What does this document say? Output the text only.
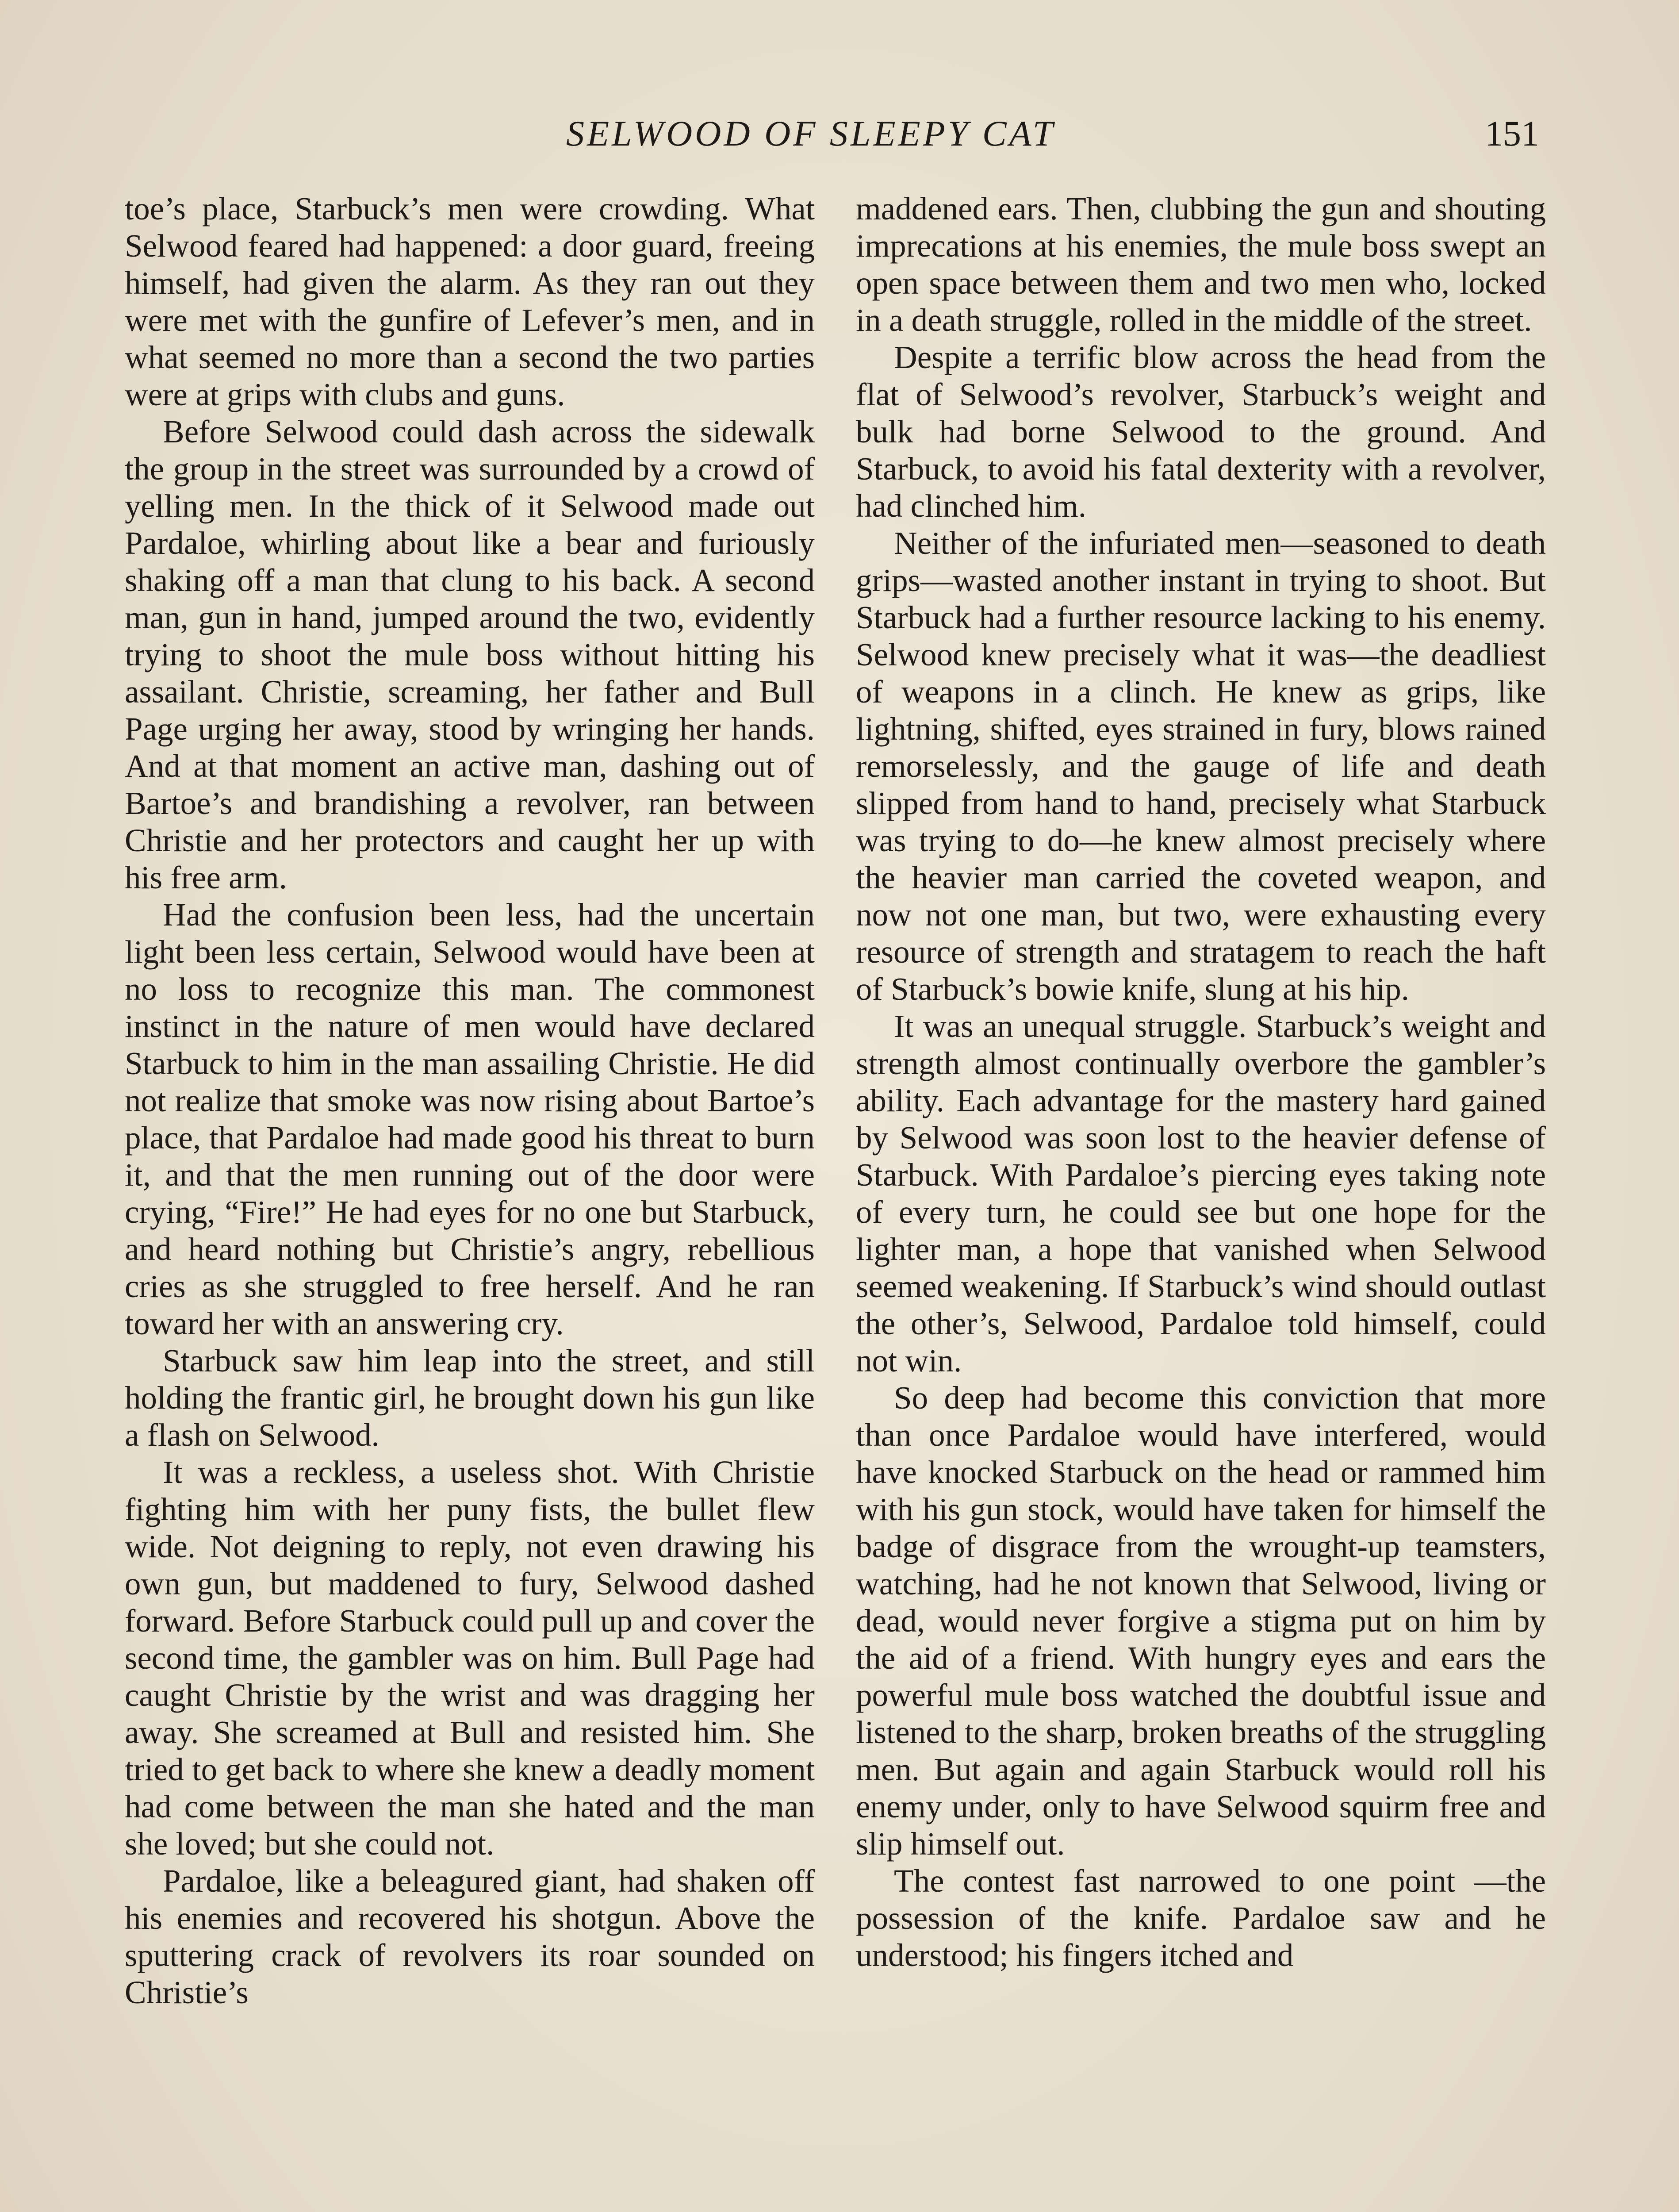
SELWOOD OF SLEEPY CAT	151

toe’s place, Starbuck’s men were crowding. What Selwood feared had happened: a door guard, freeing himself, had given the alarm. As they ran out they were met with the gunfire of Lefever’s men, and in what seemed no more than a second the two parties were at grips with clubs and guns.

Before Selwood could dash across the sidewalk the group in the street was surrounded by a crowd of yelling men. In the thick of it Selwood made out Pardaloe, whirling about like a bear and furiously shaking off a man that clung to his back. A second man, gun in hand, jumped around the two, evidently trying to shoot the mule boss without hitting his assailant. Christie, screaming, her father and Bull Page urging her away, stood by wringing her hands. And at that moment an active man, dashing out of Bartoe’s and brandishing a revolver, ran between Christie and her protectors and caught her up with his free arm.

Had the confusion been less, had the uncertain light been less certain, Selwood would have been at no loss to recognize this man. The commonest instinct in the nature of men would have declared Starbuck to him in the man assailing Christie. He did not realize that smoke was now rising about Bartoe’s place, that Pardaloe had made good his threat to burn it, and that the men running out of the door were crying, “Fire!” He had eyes for no one but Starbuck, and heard nothing but Christie’s angry, rebellious cries as she struggled to free herself. And he ran toward her with an answering cry.

Starbuck saw him leap into the street, and still holding the frantic girl, he brought down his gun like a flash on Selwood.

It was a reckless, a useless shot. With Christie fighting him with her puny fists, the bullet flew wide. Not deigning to reply, not even drawing his own gun, but maddened to fury, Selwood dashed forward. Before Starbuck could pull up and cover the second time, the gambler was on him. Bull Page had caught Christie by the wrist and was dragging her away. She screamed at Bull and resisted him. She tried to get back to where she knew a deadly moment had come between the man she hated and the man she loved; but she could not.

Pardaloe, like a beleagured giant, had shaken off his enemies and recovered his shotgun. Above the sputtering crack of revolvers its roar sounded on Christie’s

maddened ears. Then, clubbing the gun and shouting imprecations at his enemies, the mule boss swept an open space between them and two men who, locked in a death struggle, rolled in the middle of the street.

Despite a terrific blow across the head from the flat of Selwood’s revolver, Starbuck’s weight and bulk had borne Selwood to the ground. And Starbuck, to avoid his fatal dexterity with a revolver, had clinched him.

Neither of the infuriated men—seasoned to death grips—wasted another instant in trying to shoot. But Starbuck had a further resource lacking to his enemy. Selwood knew precisely what it was—the deadliest of weapons in a clinch. He knew as grips, like lightning, shifted, eyes strained in fury, blows rained remorselessly, and the gauge of life and death slipped from hand to hand, precisely what Starbuck was trying to do—he knew almost precisely where the heavier man carried the coveted weapon, and now not one man, but two, were exhausting every resource of strength and stratagem to reach the haft of Starbuck’s bowie knife, slung at his hip.

It was an unequal struggle. Starbuck’s weight and strength almost continually overbore the gambler’s ability. Each advantage for the mastery hard gained by Selwood was soon lost to the heavier defense of Starbuck. With Pardaloe’s piercing eyes taking note of every turn, he could see but one hope for the lighter man, a hope that vanished when Selwood seemed weakening. If Starbuck’s wind should outlast the other’s, Selwood, Pardaloe told himself, could not win.

So deep had become this conviction that more than once Pardaloe would have interfered, would have knocked Starbuck on the head or rammed him with his gun stock, would have taken for himself the badge of disgrace from the wrought-up teamsters, watching, had he not known that Selwood, living or dead, would never forgive a stigma put on him by the aid of a friend. With hungry eyes and ears the powerful mule boss watched the doubtful issue and listened to the sharp, broken breaths of the struggling men. But again and again Starbuck would roll his enemy under, only to have Selwood squirm free and slip himself out.

The contest fast narrowed to one point —the possession of the knife. Pardaloe saw and he understood; his fingers itched and
